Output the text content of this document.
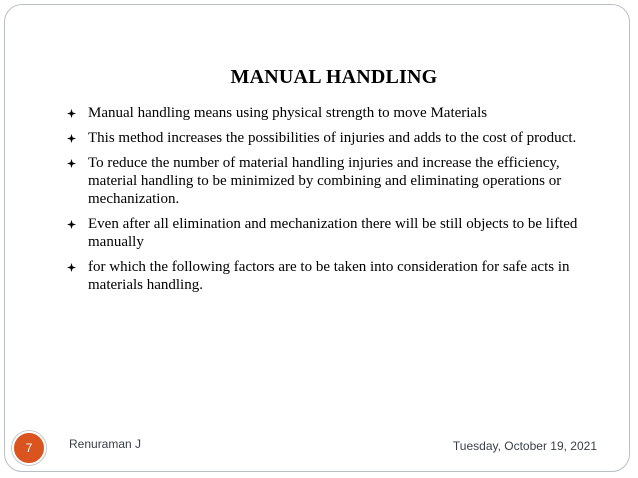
MANUAL HANDLING
Manual handling means using physical strength to move Materials
This method increases the possibilities of injuries and adds to the cost of product.
To reduce the number of material handling injuries and increase the efficiency, material handling to be minimized by combining and eliminating operations or mechanization.
Even after all elimination and mechanization there will be still objects to be lifted manually
for which the following factors are to be taken into consideration for safe acts in materials handling.
7	Renuraman J	Tuesday, October 19, 2021
